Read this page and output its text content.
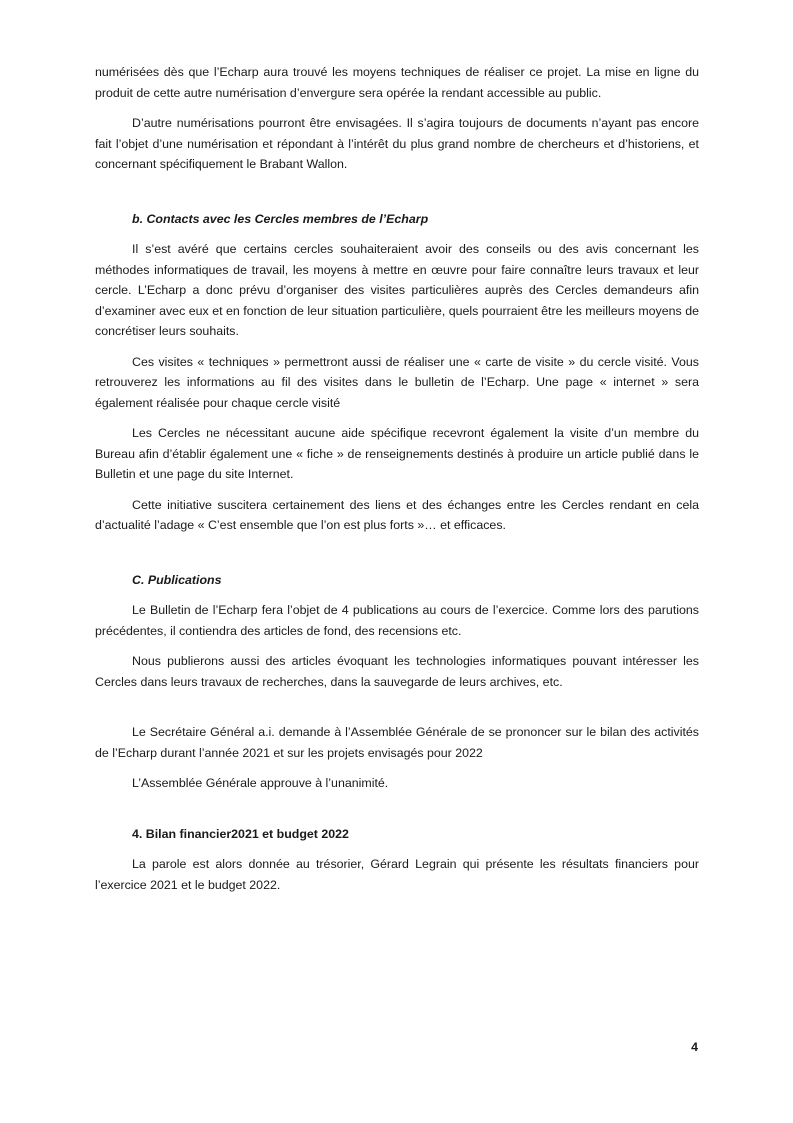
numérisées dès que l’Echarp aura trouvé les moyens techniques de réaliser ce projet. La mise en ligne du produit de cette autre numérisation d’envergure sera opérée la rendant accessible au public.

D’autre numérisations pourront être envisagées. Il s’agira toujours de documents n’ayant pas encore fait l’objet d’une numérisation et répondant à l’intérêt du plus grand nombre de chercheurs et d’historiens, et concernant spécifiquement le Brabant Wallon.

b. Contacts avec les Cercles membres de l’Echarp

Il s’est avéré que certains cercles souhaiteraient avoir des conseils ou des avis concernant les méthodes informatiques de travail, les moyens à mettre en œuvre pour faire connaître leurs travaux et leur cercle. L’Echarp a donc prévu d’organiser des visites particulières auprès des Cercles demandeurs afin d’examiner avec eux et en fonction de leur situation particulière, quels pourraient être les meilleurs moyens de concrétiser leurs souhaits.

Ces visites « techniques » permettront aussi de réaliser une « carte de visite » du cercle visité. Vous retrouverez les informations au fil des visites dans le bulletin de l’Echarp. Une page « internet » sera également réalisée pour chaque cercle visité

Les Cercles ne nécessitant aucune aide spécifique recevront également la visite d’un membre du Bureau afin d’établir également une « fiche » de renseignements destinés à produire un article publié dans le Bulletin et une page du site Internet.

Cette initiative suscitera certainement des liens et des échanges entre les Cercles rendant en cela d’actualité l’adage « C’est ensemble que l’on est plus forts »… et efficaces.

C. Publications

Le Bulletin de l’Echarp fera l’objet de 4 publications au cours de l’exercice. Comme lors des parutions précédentes, il contiendra des articles de fond, des recensions etc.

Nous publierons aussi des articles évoquant les technologies informatiques pouvant intéresser les Cercles dans leurs travaux de recherches, dans la sauvegarde de leurs archives, etc.

Le Secrétaire Général a.i. demande à l’Assemblée Générale de se prononcer sur le bilan des activités de l’Echarp durant l’année 2021 et sur les projets envisagés pour 2022

L’Assemblée Générale approuve à l’unanimité.

4. Bilan financier2021 et budget 2022

La parole est alors donnée au trésorier, Gérard Legrain qui présente les résultats financiers pour l’exercice 2021 et le budget 2022.

4
